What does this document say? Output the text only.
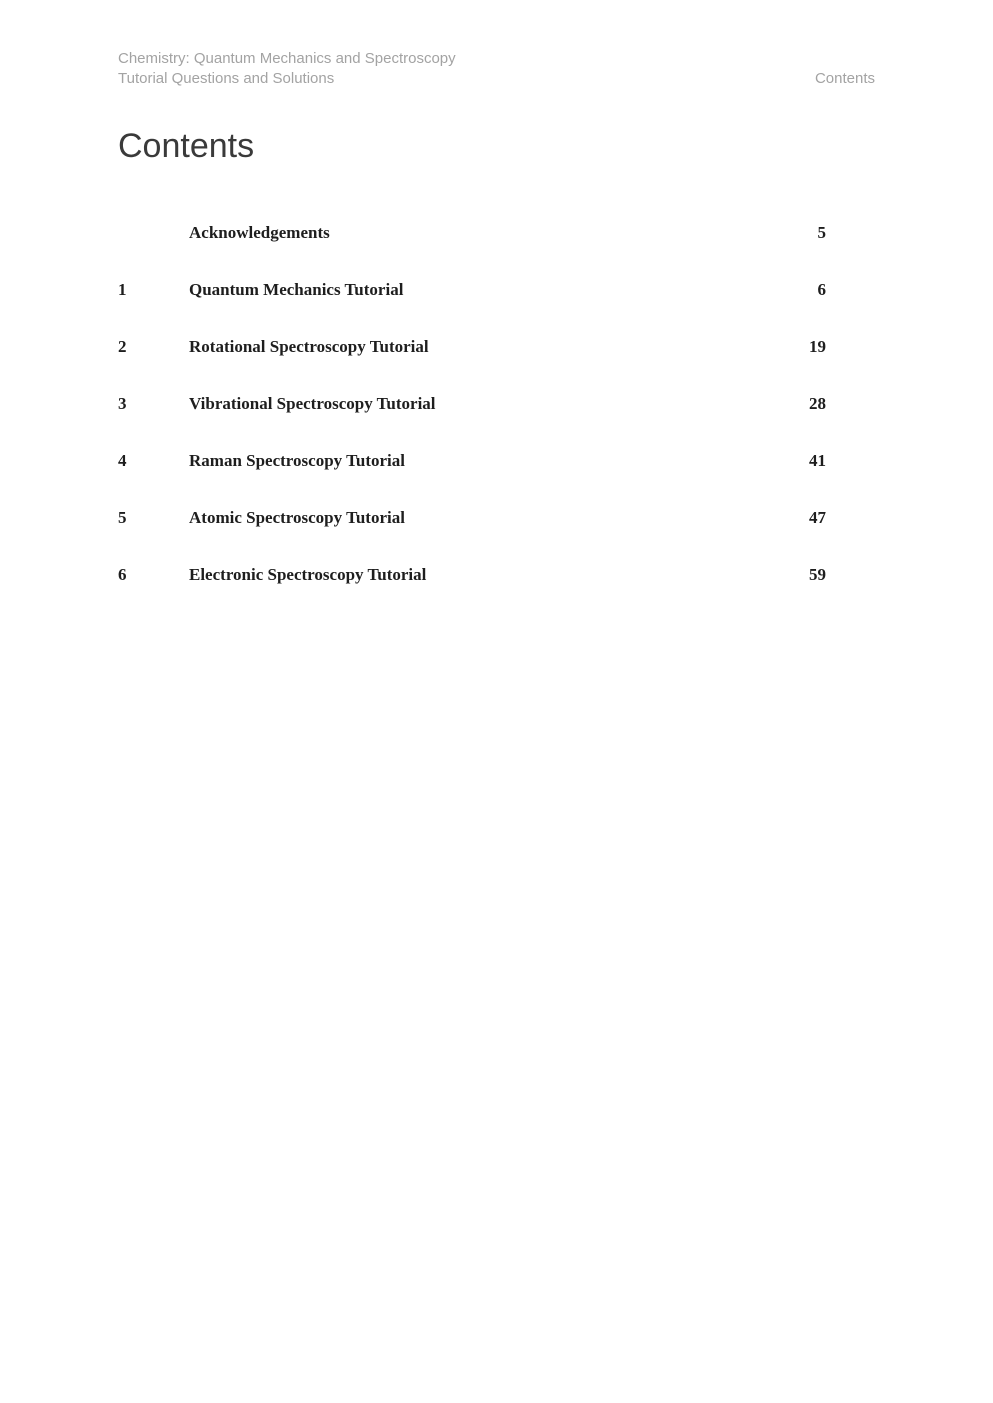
Chemistry: Quantum Mechanics and Spectroscopy
Tutorial Questions and Solutions	Contents
Contents
Acknowledgements	5
1	Quantum Mechanics Tutorial	6
2	Rotational Spectroscopy Tutorial	19
3	Vibrational Spectroscopy Tutorial	28
4	Raman Spectroscopy Tutorial	41
5	Atomic Spectroscopy Tutorial	47
6	Electronic Spectroscopy Tutorial	59
